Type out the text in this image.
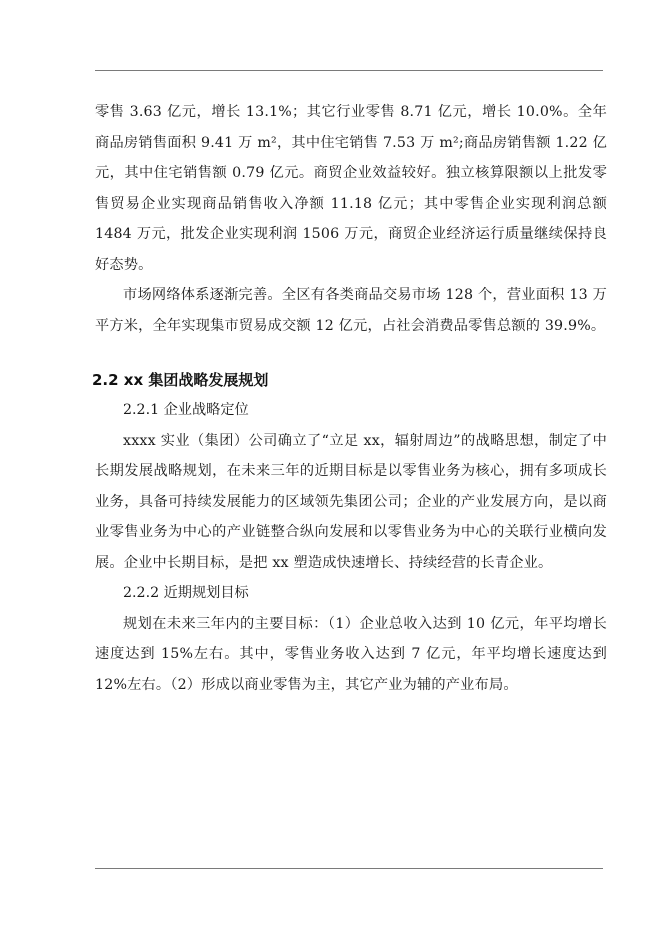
零售 3.63 亿元，增长 13.1%；其它行业零售 8.71 亿元，增长 10.0%。全年商品房销售面积 9.41 万 m²，其中住宅销售 7.53 万 m²;商品房销售额 1.22 亿元，其中住宅销售额 0.79 亿元。商贸企业效益较好。独立核算限额以上批发零售贸易企业实现商品销售收入净额 11.18 亿元；其中零售企业实现利润总额 1484 万元，批发企业实现利润 1506 万元，商贸企业经济运行质量继续保持良好态势。

市场网络体系逐渐完善。全区有各类商品交易市场 128 个，营业面积 13 万平方米，全年实现集市贸易成交额 12 亿元，占社会消费品零售总额的 39.9%。

2.2 xx 集团战略发展规划
2.2.1 企业战略定位

xxxx 实业（集团）公司确立了“立足 xx，辐射周边”的战略思想，制定了中长期发展战略规划，在未来三年的近期目标是以零售业务为核心，拥有多项成长业务，具备可持续发展能力的区域领先集团公司；企业的产业发展方向，是以商业零售业务为中心的产业链整合纵向发展和以零售业务为中心的关联行业横向发展。企业中长期目标，是把 xx 塑造成快速增长、持续经营的长青企业。

2.2.2 近期规划目标

规划在未来三年内的主要目标：（1）企业总收入达到 10 亿元，年平均增长速度达到 15%左右。其中，零售业务收入达到 7 亿元，年平均增长速度达到 12%左右。（2）形成以商业零售为主，其它产业为辅的产业布局。
